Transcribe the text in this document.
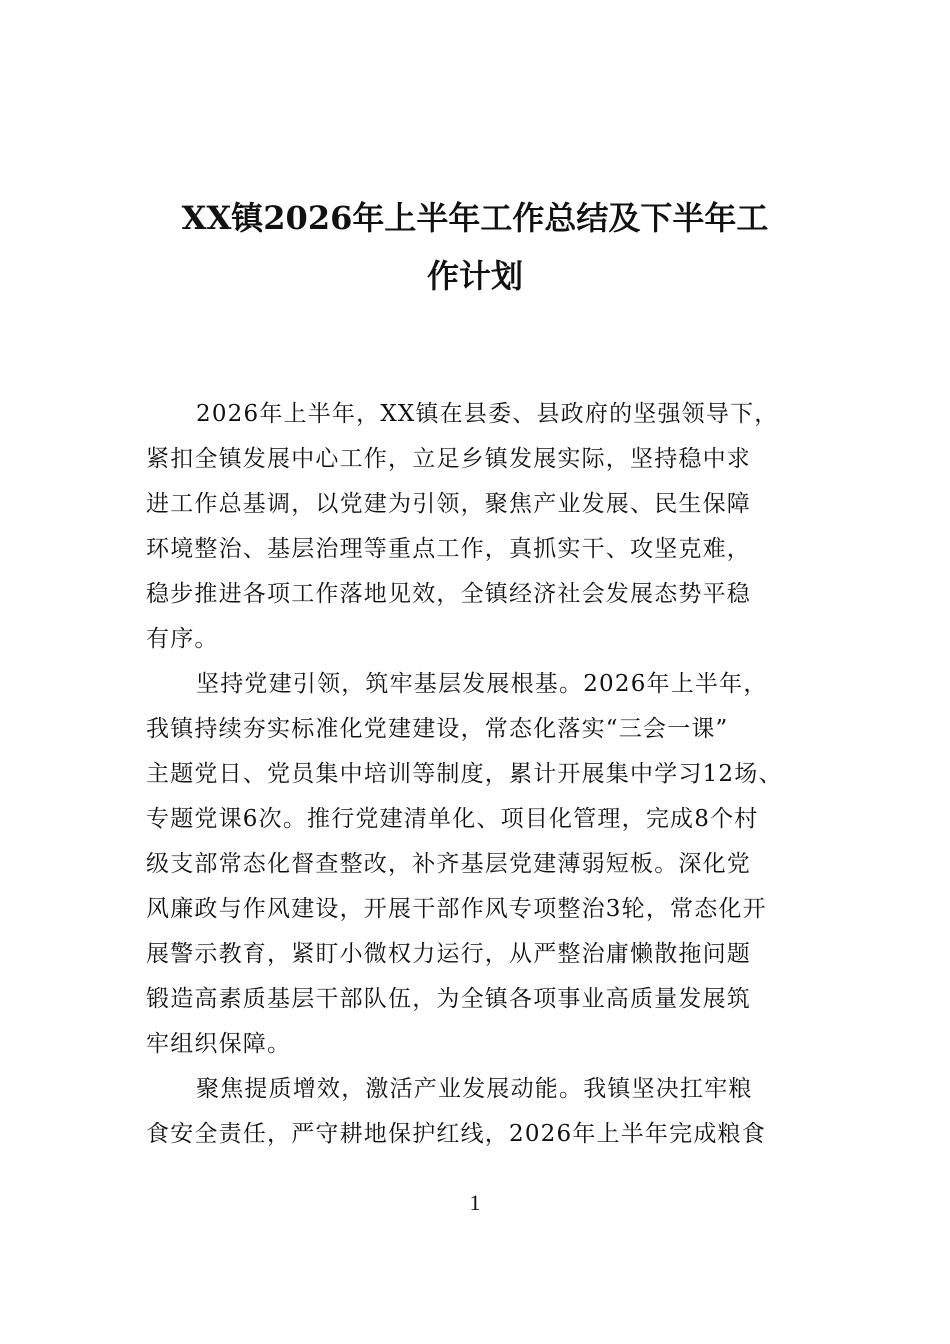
XX镇2026年上半年工作总结及下半年工
作计划
2026年上半年，XX镇在县委、县政府的坚强领导下，
紧扣全镇发展中心工作，立足乡镇发展实际，坚持稳中求
进工作总基调，以党建为引领，聚焦产业发展、民生保障
环境整治、基层治理等重点工作，真抓实干、攻坚克难，
稳步推进各项工作落地见效，全镇经济社会发展态势平稳
有序。
坚持党建引领，筑牢基层发展根基。2026年上半年，
我镇持续夯实标准化党建建设，常态化落实“三会一课”
主题党日、党员集中培训等制度，累计开展集中学习12场、
专题党课6次。推行党建清单化、项目化管理，完成8个村
级支部常态化督查整改，补齐基层党建薄弱短板。深化党
风廉政与作风建设，开展干部作风专项整治3轮，常态化开
展警示教育，紧盯小微权力运行，从严整治庸懒散拖问题
锻造高素质基层干部队伍，为全镇各项事业高质量发展筑
牢组织保障。
聚焦提质增效，激活产业发展动能。我镇坚决扛牢粮
食安全责任，严守耕地保护红线，2026年上半年完成粮食
1
